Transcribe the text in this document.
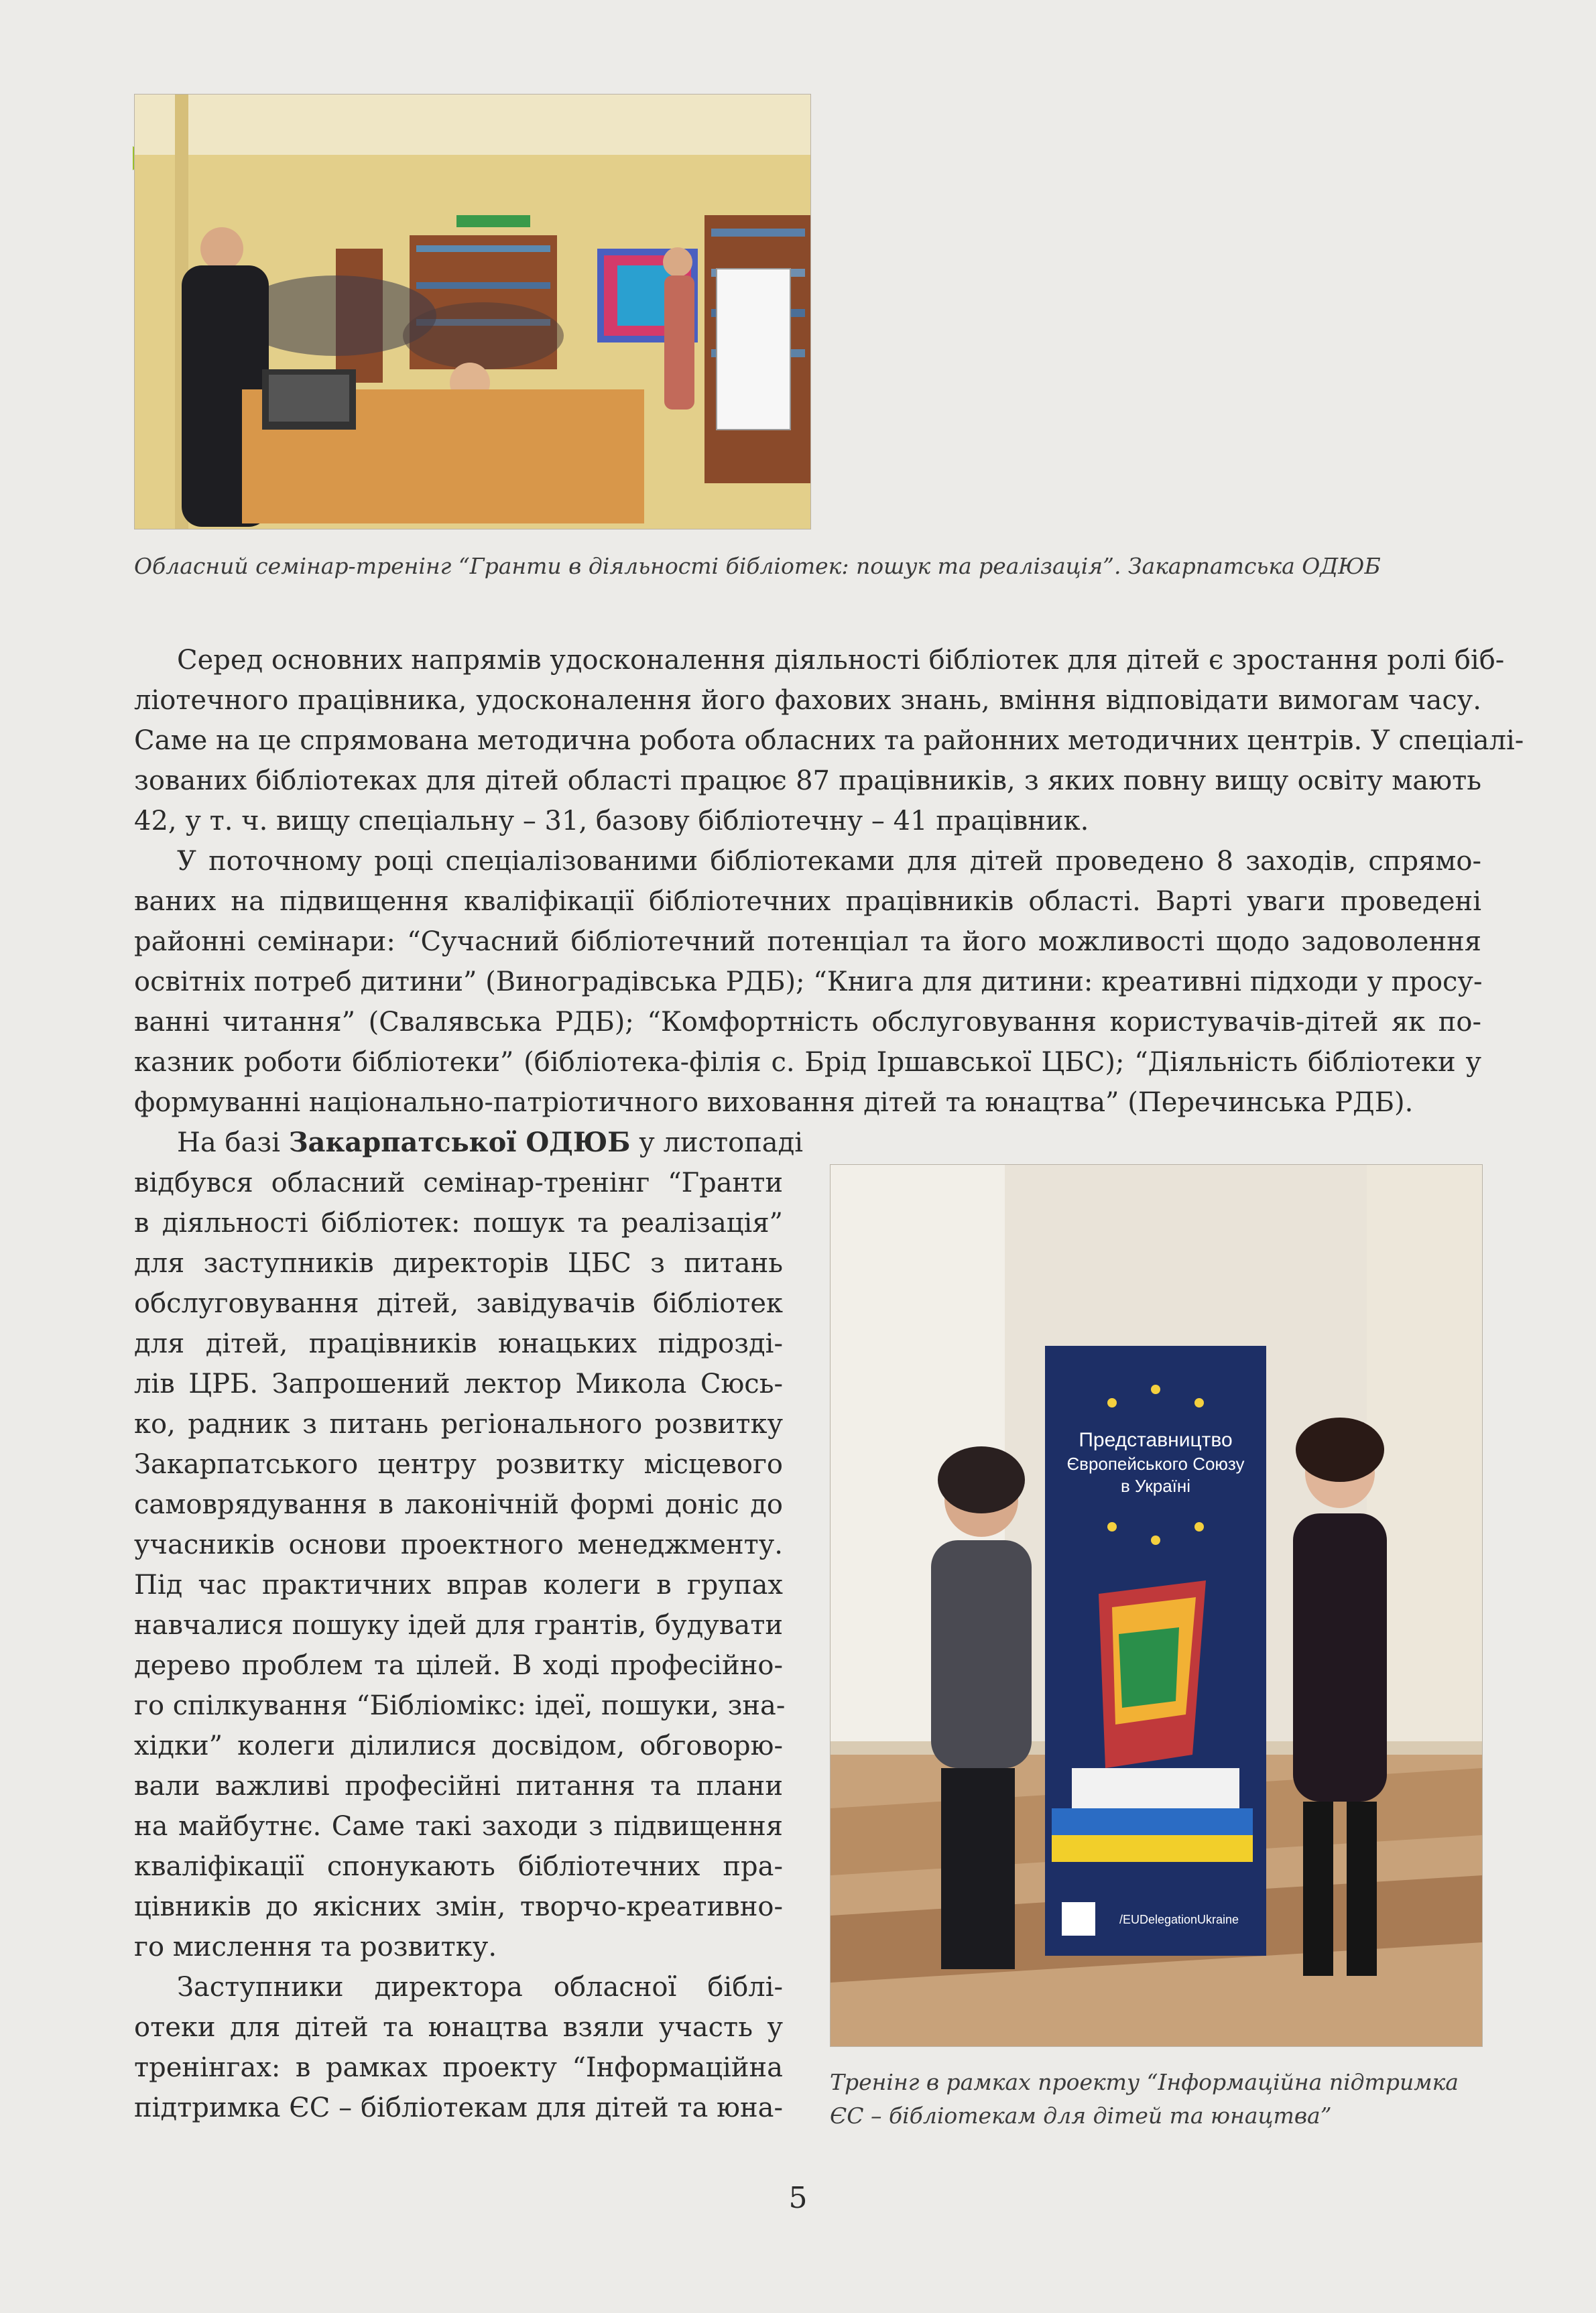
Обласний семінар-тренінг “Гранти в діяльності бібліотек: пошук та реалізація”. Закарпатська ОДЮБ
Серед основних напрямів удосконалення діяльності бібліотек для дітей є зростання ролі біб-
ліотечного працівника, удосконалення його фахових знань, вміння відповідати вимогам часу.
Саме на це спрямована методична робота обласних та районних методичних центрів. У спеціалі-
зованих бібліотеках для дітей області працює 87 працівників, з яких повну вищу освіту мають
42, у т. ч. вищу спеціальну – 31, базову бібліотечну – 41 працівник.
У поточному році спеціалізованими бібліотеками для дітей проведено 8 заходів, спрямо-
ваних на підвищення кваліфікації бібліотечних працівників області. Варті уваги проведені
районні семінари: “Сучасний бібліотечний потенціал та його можливості щодо задоволення
освітніх потреб дитини” (Виноградівська РДБ); “Книга для дитини: креативні підходи у просу-
ванні читання” (Свалявська РДБ); “Комфортність обслуговування користувачів-дітей як по-
казник роботи бібліотеки” (бібліотека-філія с. Брід Іршавської ЦБС); “Діяльність бібліотеки у
формуванні національно-патріотичного виховання дітей та юнацтва” (Перечинська РДБ).
На базі Закарпатської ОДЮБ у листопаді
відбувся обласний семінар-тренінг “Гранти
в діяльності бібліотек: пошук та реалізація”
для заступників директорів ЦБС з питань
обслуговування дітей, завідувачів бібліотек
для дітей, працівників юнацьких підрозді-
лів ЦРБ. Запрошений лектор Микола Сюсь-
ко, радник з питань регіонального розвитку
Закарпатського центру розвитку місцевого
самоврядування в лаконічній формі доніс до
учасників основи проектного менеджменту.
Під час практичних вправ колеги в групах
навчалися пошуку ідей для грантів, будувати
дерево проблем та цілей. В ході професійно-
го спілкування “Бібліомікс: ідеї, пошуки, зна-
хідки” колеги ділилися досвідом, обговорю-
вали важливі професійні питання та плани
на майбутнє. Саме такі заходи з підвищення
кваліфікації спонукають бібліотечних пра-
цівників до якісних змін, творчо-креативно-
го мислення та розвитку.
Заступники директора обласної біблі-
отеки для дітей та юнацтва взяли участь у
тренінгах: в рамках проекту “Інформаційна
підтримка ЄС – бібліотекам для дітей та юна-
Представництво
Європейського Союзу
в Україні
/EUDelegationUkraine
Тренінг в рамках проекту “Інформаційна підтримка
ЄС – бібліотекам для дітей та юнацтва”
5
